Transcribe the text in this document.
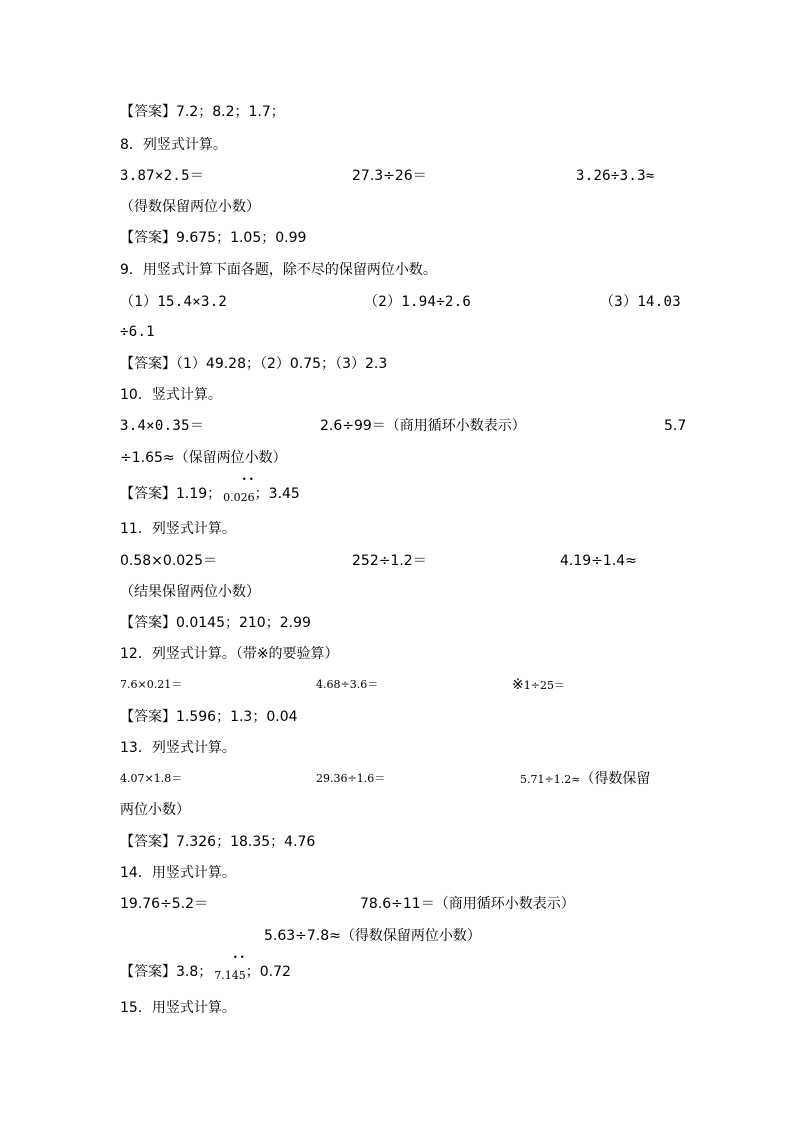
【答案】7.2；8.2；1.7；
8．列竖式计算。
3.87×2.5＝	27.3÷26＝	3.26÷3.3≈
（得数保留两位小数）
【答案】9.675；1.05；0.99
9．用竖式计算下面各题，除不尽的保留两位小数。
（1）15.4×3.2	（2）1.94÷2.6	（3）14.03
÷6.1
【答案】（1）49.28；（2）0.75；（3）2.3
10．竖式计算。
3.4×0.35＝	2.6÷99＝（商用循环小数表示）	5.7
÷1.65≈（保留两位小数）
【答案】1.19； $_{0.0• 2• 6}$；3.45
11．列竖式计算。
0.58×0.025＝	252÷1.2＝	4.19÷1.4≈
（结果保留两位小数）
【答案】0.0145；210；2.99
12．列竖式计算。（带※的要验算）
7.6×0.21＝	4.68÷3.6＝	※1÷25＝
【答案】1.596；1.3；0.04
13．列竖式计算。
4.07×1.8＝	29.36÷1.6＝	5.71÷1.2≈（得数保留
两位小数）
【答案】7.326；18.35；4.76
14．用竖式计算。
19.76÷5.2＝	78.6÷11＝（商用循环小数表示）
5.63÷7.8≈（得数保留两位小数）
【答案】3.8； $_{7.1• 4• 5}$；0.72
15．用竖式计算。
